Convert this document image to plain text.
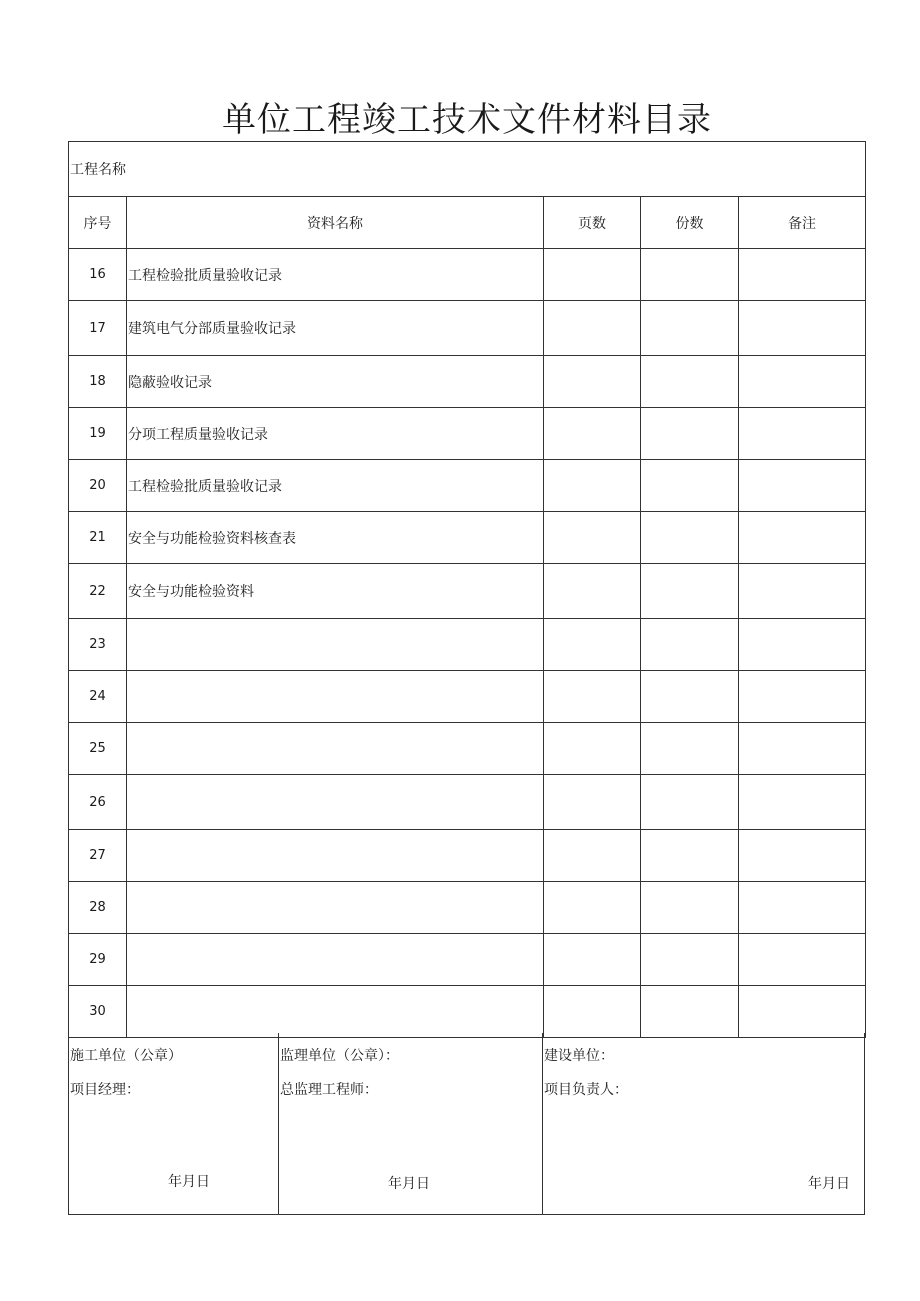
单位工程竣工技术文件材料目录
工程名称				
序号	资料名称	页数	份数	备注
16	工程检验批质量验收记录			
17	建筑电气分部质量验收记录			
18	隐蔽验收记录			
19	分项工程质量验收记录			
20	工程检验批质量验收记录			
21	安全与功能检验资料核查表			
22	安全与功能检验资料			
23				
24				
25				
26				
27				
28				
29				
30				
施工单位（公章）
项目经理：
年月日
监理单位（公章）：
总监理工程师：
年月日
建设单位：
项目负责人：
年月日
